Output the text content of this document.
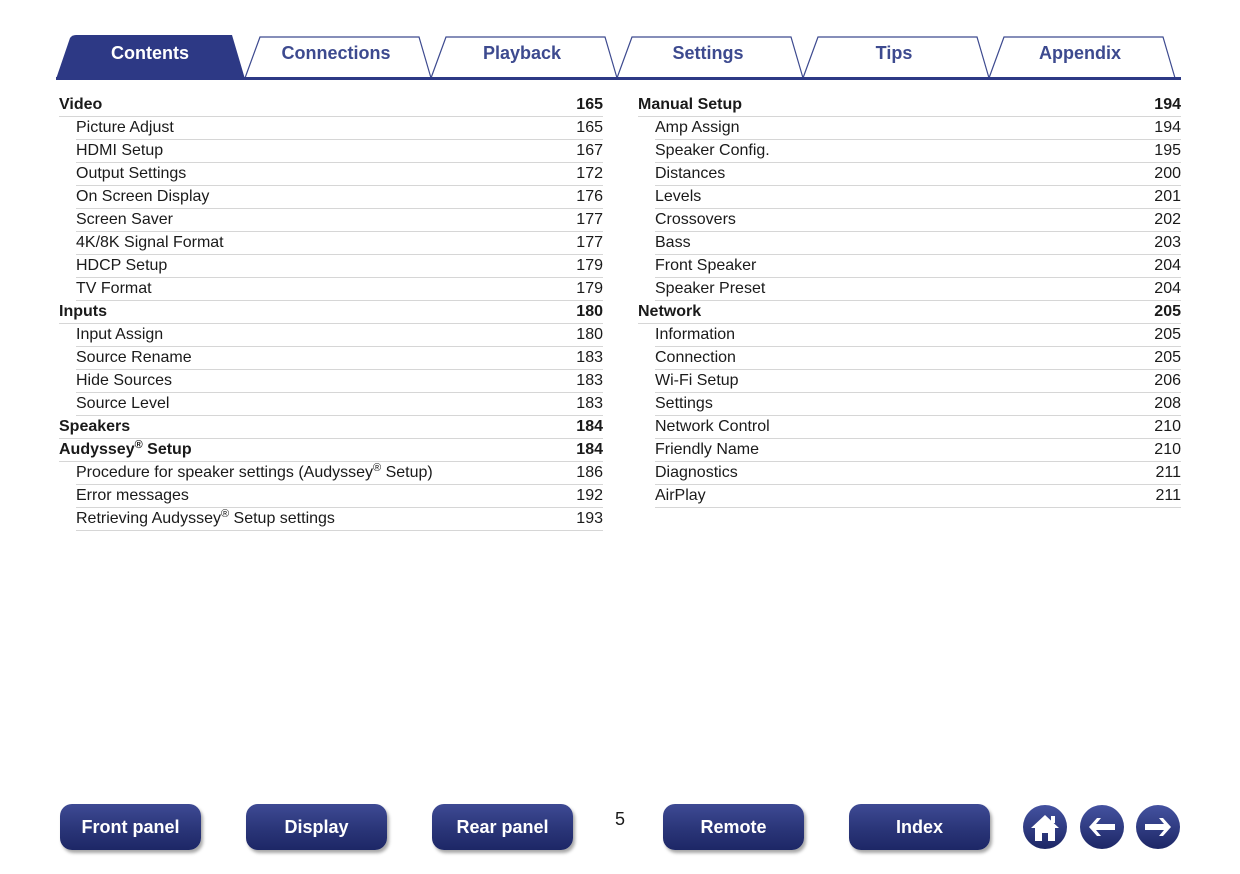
Contents	Connections	Playback	Settings	Tips	Appendix
Video	165
Picture Adjust	165
HDMI Setup	167
Output Settings	172
On Screen Display	176
Screen Saver	177
4K/8K Signal Format	177
HDCP Setup	179
TV Format	179
Inputs	180
Input Assign	180
Source Rename	183
Hide Sources	183
Source Level	183
Speakers	184
Audyssey® Setup	184
Procedure for speaker settings (Audyssey® Setup)	186
Error messages	192
Retrieving Audyssey® Setup settings	193
Manual Setup	194
Amp Assign	194
Speaker Config.	195
Distances	200
Levels	201
Crossovers	202
Bass	203
Front Speaker	204
Speaker Preset	204
Network	205
Information	205
Connection	205
Wi-Fi Setup	206
Settings	208
Network Control	210
Friendly Name	210
Diagnostics	211
AirPlay	211
Front panel	Display	Rear panel	5	Remote	Index
